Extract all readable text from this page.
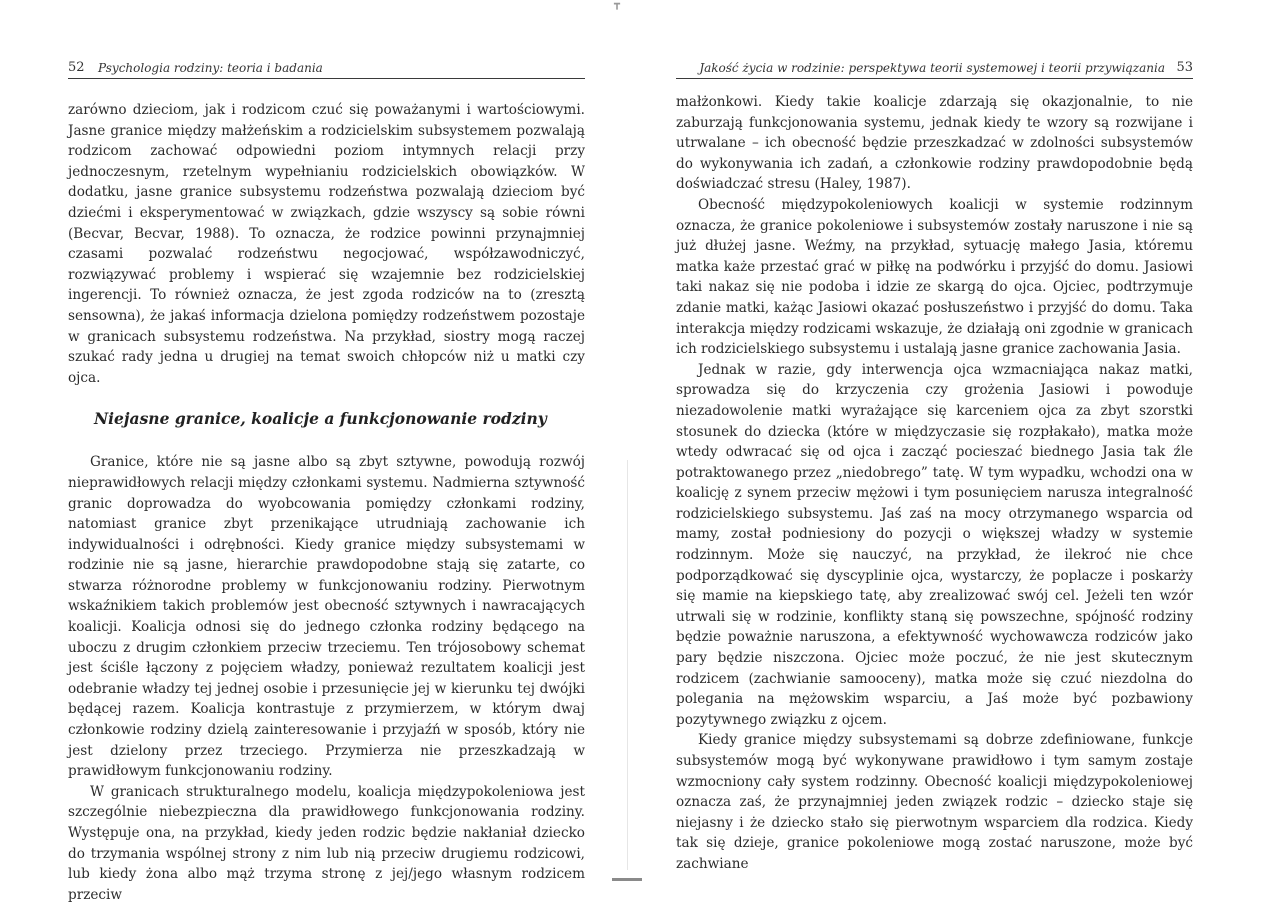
┳
52 Psychologia rodziny: teoria i badania

zarówno dzieciom, jak i rodzicom czuć się poważanymi i wartościowymi. Jasne granice między małżeńskim a rodzicielskim subsystemem pozwalają rodzicom zachować odpowiedni poziom intymnych relacji przy jednoczesnym, rzetelnym wypełnianiu rodzicielskich obowiązków. W dodatku, jasne granice subsystemu rodzeństwa pozwalają dzieciom być dziećmi i eksperymentować w związkach, gdzie wszyscy są sobie równi (Becvar, Becvar, 1988). To oznacza, że rodzice powinni przynajmniej czasami pozwalać rodzeństwu negocjować, współzawodniczyć, rozwiązywać problemy i wspierać się wzajemnie bez rodzicielskiej ingerencji. To również oznacza, że jest zgoda rodziców na to (zresztą sensowna), że jakaś informacja dzielona pomiędzy rodzeństwem pozostaje w granicach subsystemu rodzeństwa. Na przykład, siostry mogą raczej szukać rady jedna u drugiej na temat swoich chłopców niż u matki czy ojca.

Niejasne granice, koalicje a funkcjonowanie rodziny

Granice, które nie są jasne albo są zbyt sztywne, powodują rozwój nieprawidłowych relacji między członkami systemu. Nadmierna sztywność granic doprowadza do wyobcowania pomiędzy członkami rodziny, natomiast granice zbyt przenikające utrudniają zachowanie ich indywidualności i odrębności. Kiedy granice między subsystemami w rodzinie nie są jasne, hierarchie prawdopodobne stają się zatarte, co stwarza różnorodne problemy w funkcjonowaniu rodziny. Pierwotnym wskaźnikiem takich problemów jest obecność sztywnych i nawracających koalicji. Koalicja odnosi się do jednego członka rodziny będącego na uboczu z drugim członkiem przeciw trzeciemu. Ten trójosobowy schemat jest ściśle łączony z pojęciem władzy, ponieważ rezultatem koalicji jest odebranie władzy tej jednej osobie i przesunięcie jej w kierunku tej dwójki będącej razem. Koalicja kontrastuje z przymierzem, w którym dwaj członkowie rodziny dzielą zainteresowanie i przyjaźń w sposób, który nie jest dzielony przez trzeciego. Przymierza nie przeszkadzają w prawidłowym funkcjonowaniu rodziny.

W granicach strukturalnego modelu, koalicja międzypokoleniowa jest szczególnie niebezpieczna dla prawidłowego funkcjonowania rodziny. Występuje ona, na przykład, kiedy jeden rodzic będzie nakłaniał dziecko do trzymania wspólnej strony z nim lub nią przeciw drugiemu rodzicowi, lub kiedy żona albo mąż trzyma stronę z jej/jego własnym rodzicem przeciw

Jakość życia w rodzinie: perspektywa teorii systemowej i teorii przywiązania 53

małżonkowi. Kiedy takie koalicje zdarzają się okazjonalnie, to nie zaburzają funkcjonowania systemu, jednak kiedy te wzory są rozwijane i utrwalane – ich obecność będzie przeszkadzać w zdolności subsystemów do wykonywania ich zadań, a członkowie rodziny prawdopodobnie będą doświadczać stresu (Haley, 1987).

Obecność międzypokoleniowych koalicji w systemie rodzinnym oznacza, że granice pokoleniowe i subsystemów zostały naruszone i nie są już dłużej jasne. Weźmy, na przykład, sytuację małego Jasia, któremu matka każe przestać grać w piłkę na podwórku i przyjść do domu. Jasiowi taki nakaz się nie podoba i idzie ze skargą do ojca. Ojciec, podtrzymuje zdanie matki, każąc Jasiowi okazać posłuszeństwo i przyjść do domu. Taka interakcja między rodzicami wskazuje, że działają oni zgodnie w granicach ich rodzicielskiego subsystemu i ustalają jasne granice zachowania Jasia.

Jednak w razie, gdy interwencja ojca wzmacniająca nakaz matki, sprowadza się do krzyczenia czy grożenia Jasiowi i powoduje niezadowolenie matki wyrażające się karceniem ojca za zbyt szorstki stosunek do dziecka (które w międzyczasie się rozpłakało), matka może wtedy odwracać się od ojca i zacząć pocieszać biednego Jasia tak źle potraktowanego przez „niedobrego” tatę. W tym wypadku, wchodzi ona w koalicję z synem przeciw mężowi i tym posunięciem narusza integralność rodzicielskiego subsystemu. Jaś zaś na mocy otrzymanego wsparcia od mamy, został podniesiony do pozycji o większej władzy w systemie rodzinnym. Może się nauczyć, na przykład, że ilekroć nie chce podporządkować się dyscyplinie ojca, wystarczy, że poplacze i poskarży się mamie na kiepskiego tatę, aby zrealizować swój cel. Jeżeli ten wzór utrwali się w rodzinie, konflikty staną się powszechne, spójność rodziny będzie poważnie naruszona, a efektywność wychowawcza rodziców jako pary będzie niszczona. Ojciec może poczuć, że nie jest skutecznym rodzicem (zachwianie samooceny), matka może się czuć niezdolna do polegania na mężowskim wsparciu, a Jaś może być pozbawiony pozytywnego związku z ojcem.

Kiedy granice między subsystemami są dobrze zdefiniowane, funkcje subsystemów mogą być wykonywane prawidłowo i tym samym zostaje wzmocniony cały system rodzinny. Obecność koalicji międzypokoleniowej oznacza zaś, że przynajmniej jeden związek rodzic – dziecko staje się niejasny i że dziecko stało się pierwotnym wsparciem dla rodzica. Kiedy tak się dzieje, granice pokoleniowe mogą zostać naruszone, może być zachwiane
